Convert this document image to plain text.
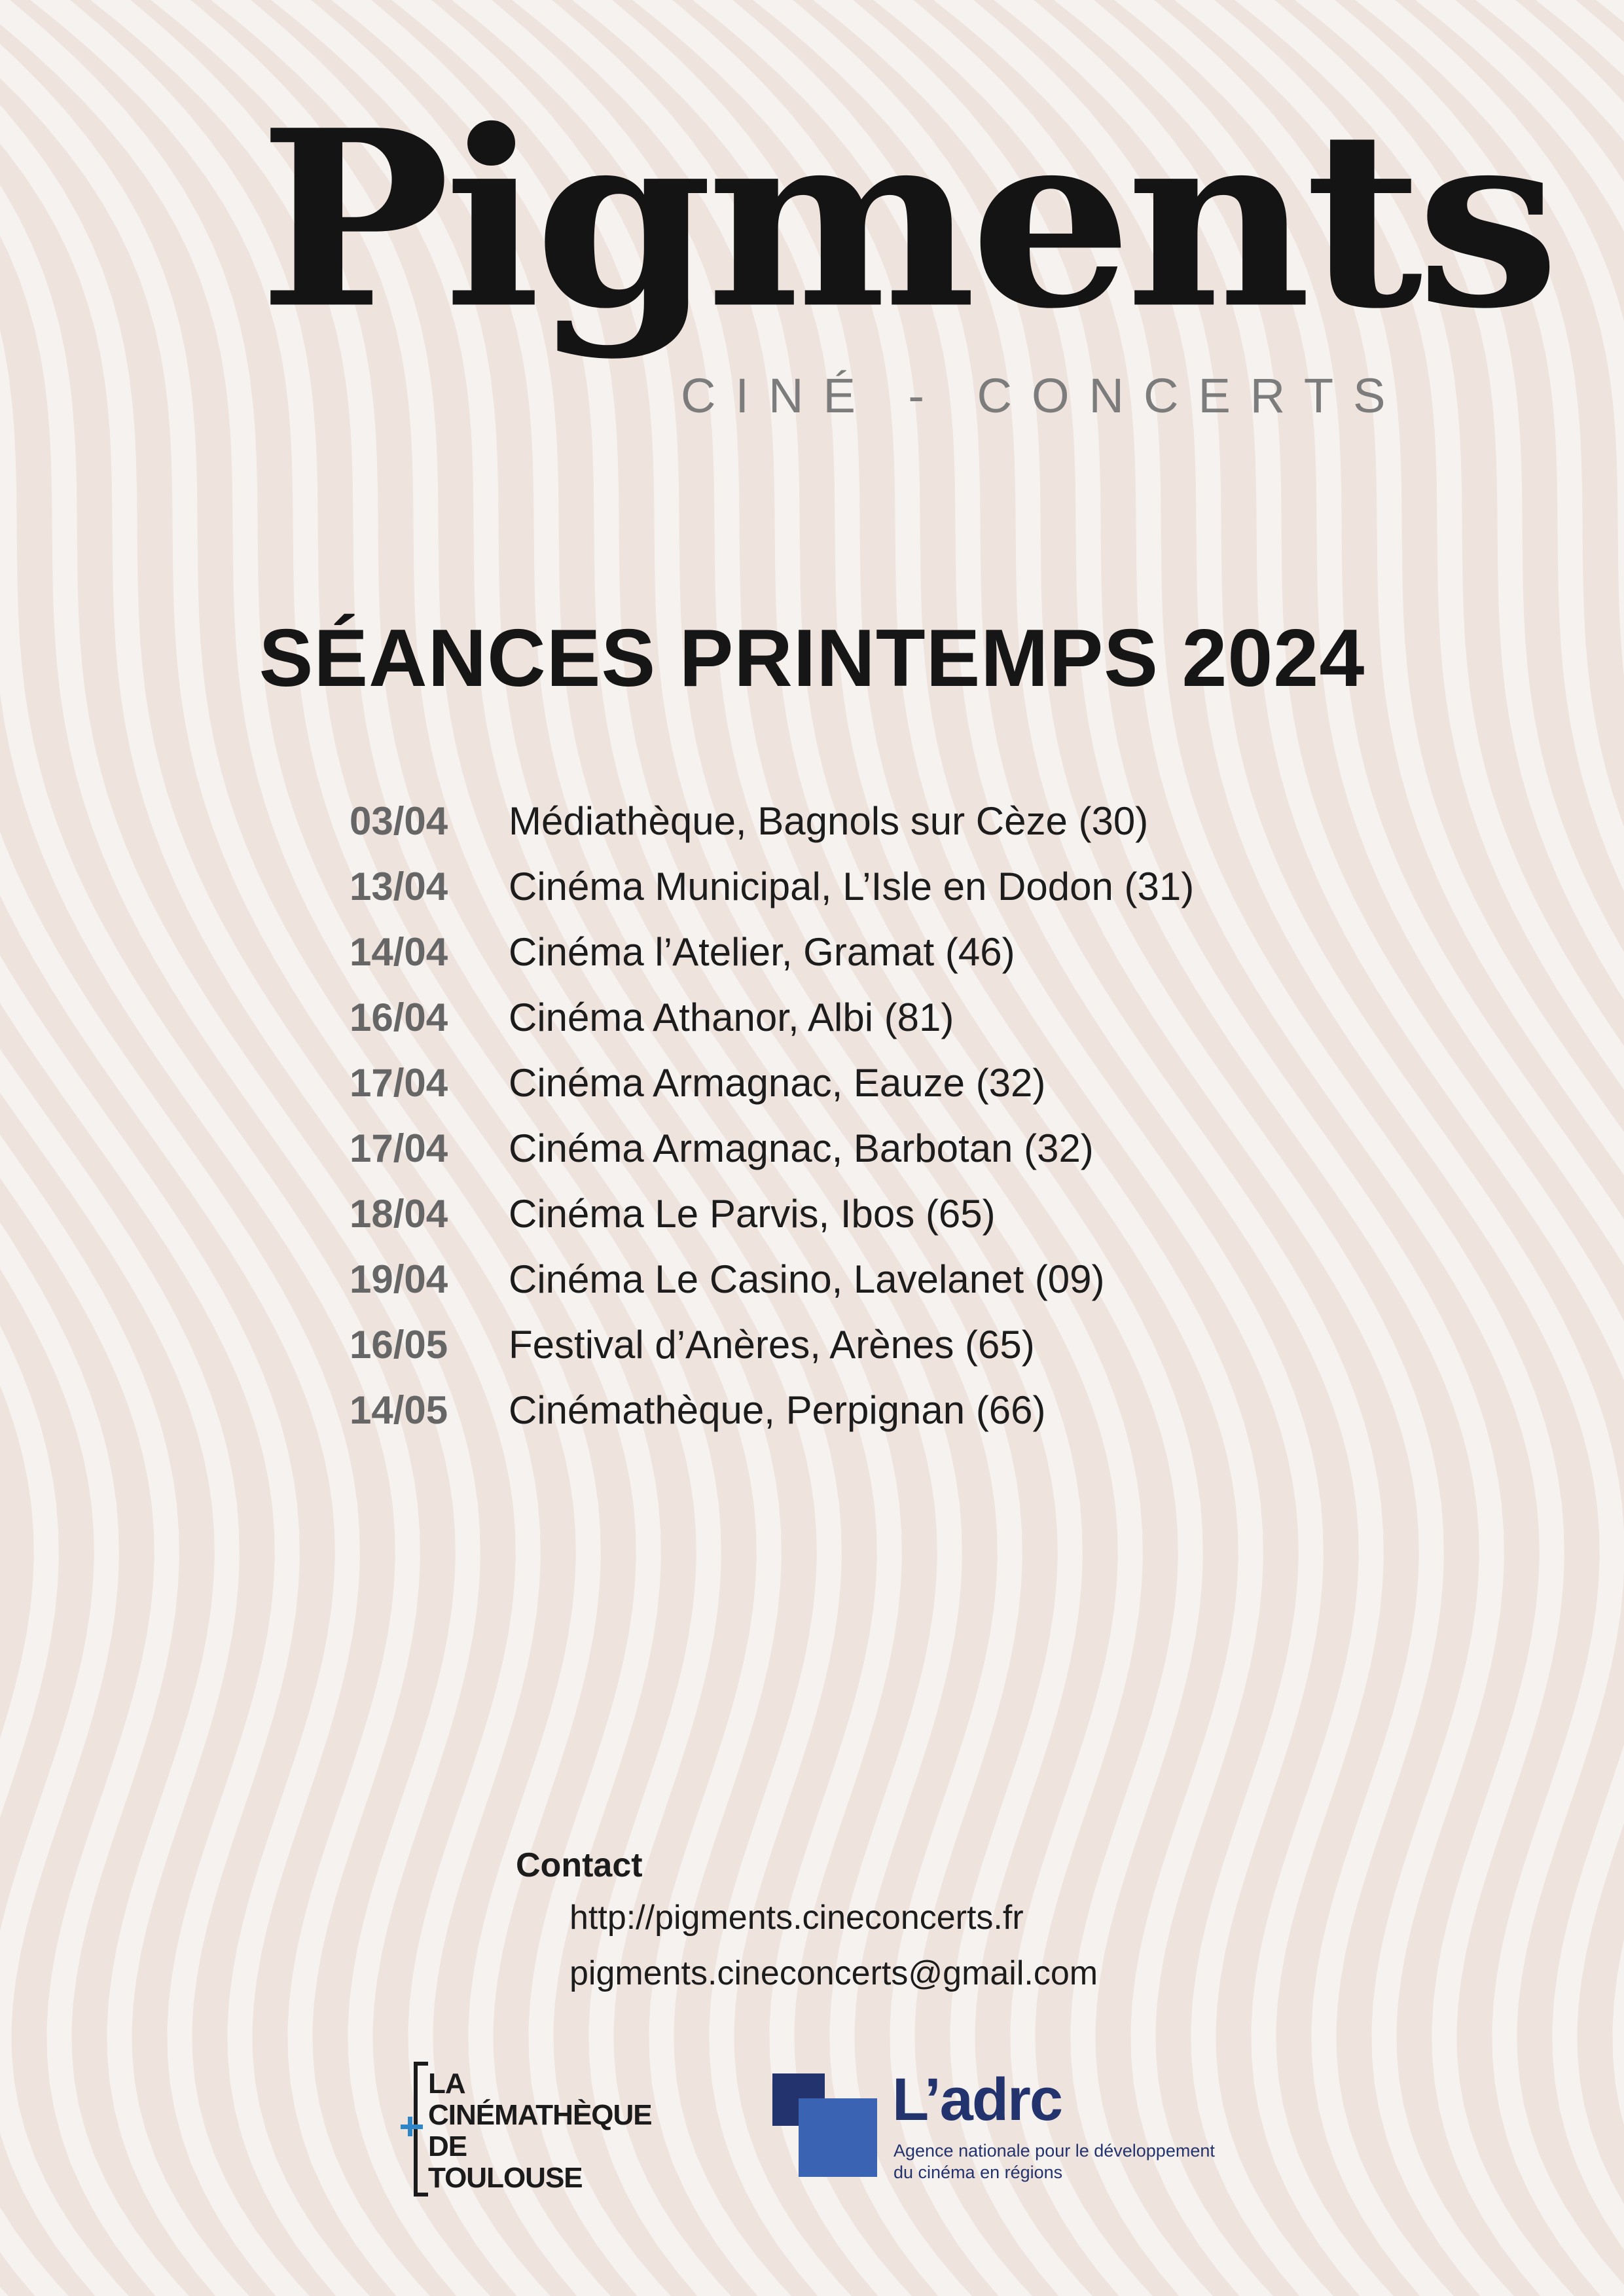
Pigments
CINÉ - CONCERTS
SÉANCES PRINTEMPS 2024
03/04	Médiathèque, Bagnols sur Cèze (30)
13/04	Cinéma Municipal, L’Isle en Dodon (31)
14/04	Cinéma l’Atelier, Gramat (46)
16/04	Cinéma Athanor, Albi (81)
17/04	Cinéma Armagnac, Eauze (32)
17/04	Cinéma Armagnac, Barbotan (32)
18/04	Cinéma Le Parvis, Ibos (65)
19/04	Cinéma Le Casino, Lavelanet (09)
16/05	Festival d’Anères, Arènes (65)
14/05	Cinémathèque, Perpignan (66)
Contact
http://pigments.cineconcerts.fr
pigments.cineconcerts@gmail.com
LA
CINÉMATHÈQUE
DE
TOULOUSE
L’adrc
Agence nationale pour le développement
du cinéma en régions
